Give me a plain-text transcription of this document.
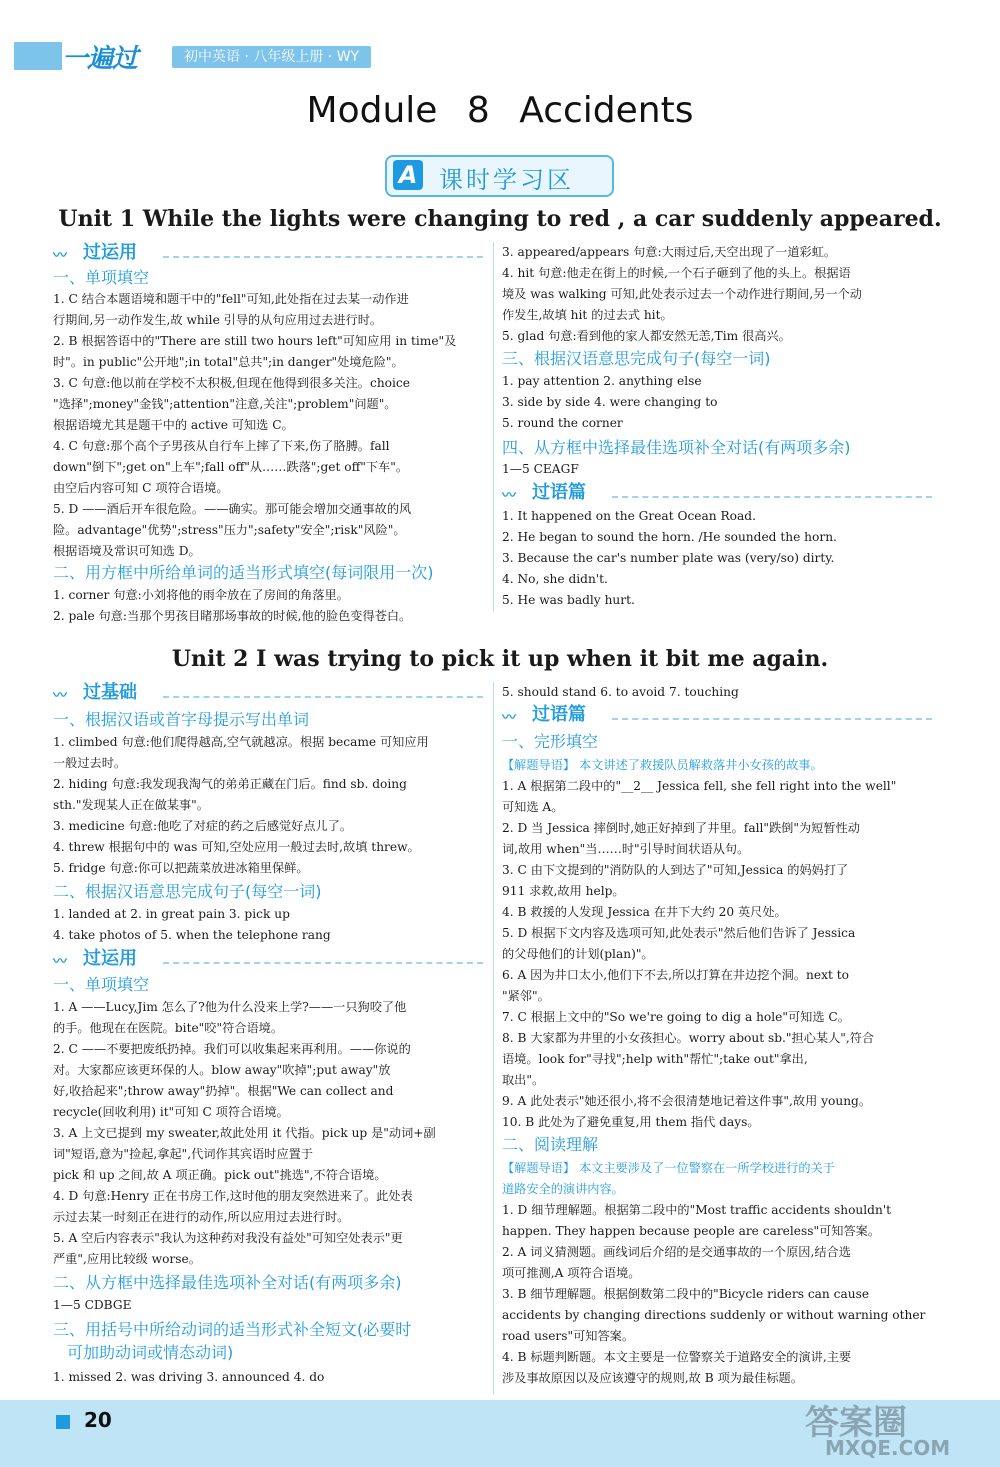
一遍过	初中英语 · 八年级上册 · WY
Module 8 Accidents
A 课时学习区
Unit 1 While the lights were changing to red , a car suddenly appeared.
〰 过运用
一、单项填空
1. C 结合本题语境和题干中的"fell"可知,此处指在过去某一动作进
行期间,另一动作发生,故 while 引导的从句应用过去进行时。
2. B 根据答语中的"There are still two hours left"可知应用 in time"及
时"。in public"公开地";in total"总共";in danger"处境危险"。
3. C 句意:他以前在学校不太积极,但现在他得到很多关注。choice
"选择";money"金钱";attention"注意,关注";problem"问题"。
根据语境尤其是题干中的 active 可知选 C。
4. C 句意:那个高个子男孩从自行车上摔了下来,伤了胳膊。fall
down"倒下";get on"上车";fall off"从……跌落";get off"下车"。
由空后内容可知 C 项符合语境。
5. D ——酒后开车很危险。——确实。那可能会增加交通事故的风
险。advantage"优势";stress"压力";safety"安全";risk"风险"。
根据语境及常识可知选 D。
二、用方框中所给单词的适当形式填空(每词限用一次)
1. corner 句意:小刘将他的雨伞放在了房间的角落里。
2. pale 句意:当那个男孩目睹那场事故的时候,他的脸色变得苍白。
3. appeared/appears 句意:大雨过后,天空出现了一道彩虹。
4. hit 句意:他走在街上的时候,一个石子砸到了他的头上。根据语
境及 was walking 可知,此处表示过去一个动作进行期间,另一个动
作发生,故填 hit 的过去式 hit。
5. glad 句意:看到他的家人都安然无恙,Tim 很高兴。
三、根据汉语意思完成句子(每空一词)
1. pay attention 2. anything else
3. side by side 4. were changing to
5. round the corner
四、从方框中选择最佳选项补全对话(有两项多余)
1—5 CEAGF
〰 过语篇
1. It happened on the Great Ocean Road.
2. He began to sound the horn. /He sounded the horn.
3. Because the car's number plate was (very/so) dirty.
4. No, she didn't.
5. He was badly hurt.
Unit 2 I was trying to pick it up when it bit me again.
〰 过基础
一、根据汉语或首字母提示写出单词
1. climbed 句意:他们爬得越高,空气就越凉。根据 became 可知应用
一般过去时。
2. hiding 句意:我发现我淘气的弟弟正藏在门后。find sb. doing
sth."发现某人正在做某事"。
3. medicine 句意:他吃了对症的药之后感觉好点儿了。
4. threw 根据句中的 was 可知,空处应用一般过去时,故填 threw。
5. fridge 句意:你可以把蔬菜放进冰箱里保鲜。
二、根据汉语意思完成句子(每空一词)
1. landed at 2. in great pain 3. pick up
4. take photos of 5. when the telephone rang
〰 过运用
一、单项填空
1. A ——Lucy,Jim 怎么了?他为什么没来上学?——一只狗咬了他
的手。他现在在医院。bite"咬"符合语境。
2. C ——不要把废纸扔掉。我们可以收集起来再利用。——你说的
对。大家都应该更环保的人。blow away"吹掉";put away"放
好,收拾起来";throw away"扔掉"。根据"We can collect and
recycle(回收利用) it"可知 C 项符合语境。
3. A 上文已提到 my sweater,故此处用 it 代指。pick up 是"动词+副
词"短语,意为"捡起,拿起",代词作其宾语时应置于
pick 和 up 之间,故 A 项正确。pick out"挑选",不符合语境。
4. D 句意:Henry 正在书房工作,这时他的朋友突然进来了。此处表
示过去某一时刻正在进行的动作,所以应用过去进行时。
5. A 空后内容表示"我认为这种药对我没有益处"可知空处表示"更
严重",应用比较级 worse。
二、从方框中选择最佳选项补全对话(有两项多余)
1—5 CDBGE
三、用括号中所给动词的适当形式补全短文(必要时
可加助动词或情态动词)
1. missed 2. was driving 3. announced 4. do
5. should stand 6. to avoid 7. touching
〰 过语篇
一、完形填空
【解题导语】 本文讲述了救援队员解救落井小女孩的故事。
1. A 根据第二段中的"__2__ Jessica fell, she fell right into the well"
可知选 A。
2. D 当 Jessica 摔倒时,她正好掉到了井里。fall"跌倒"为短暂性动
词,故用 when"当……时"引导时间状语从句。
3. C 由下文提到的"消防队的人到达了"可知,Jessica 的妈妈打了
911 求救,故用 help。
4. B 救援的人发现 Jessica 在井下大约 20 英尺处。
5. D 根据下文内容及选项可知,此处表示"然后他们告诉了 Jessica
的父母他们的计划(plan)"。
6. A 因为井口太小,他们下不去,所以打算在井边挖个洞。next to
"紧邻"。
7. C 根据上文中的"So we're going to dig a hole"可知选 C。
8. B 大家都为井里的小女孩担心。worry about sb."担心某人",符合
语境。look for"寻找";help with"帮忙";take out"拿出,
取出"。
9. A 此处表示"她还很小,将不会很清楚地记着这件事",故用 young。
10. B 此处为了避免重复,用 them 指代 days。
二、阅读理解
【解题导语】 本文主要涉及了一位警察在一所学校进行的关于
道路安全的演讲内容。
1. D 细节理解题。根据第二段中的"Most traffic accidents shouldn't
happen. They happen because people are careless"可知答案。
2. A 词义猜测题。画线词后介绍的是交通事故的一个原因,结合选
项可推测,A 项符合语境。
3. B 细节理解题。根据倒数第二段中的"Bicycle riders can cause
accidents by changing directions suddenly or without warning other
road users"可知答案。
4. B 标题判断题。本文主要是一位警察关于道路安全的演讲,主要
涉及事故原因以及应该遵守的规则,故 B 项为最佳标题。
20	答案圈
MXQE.COM
